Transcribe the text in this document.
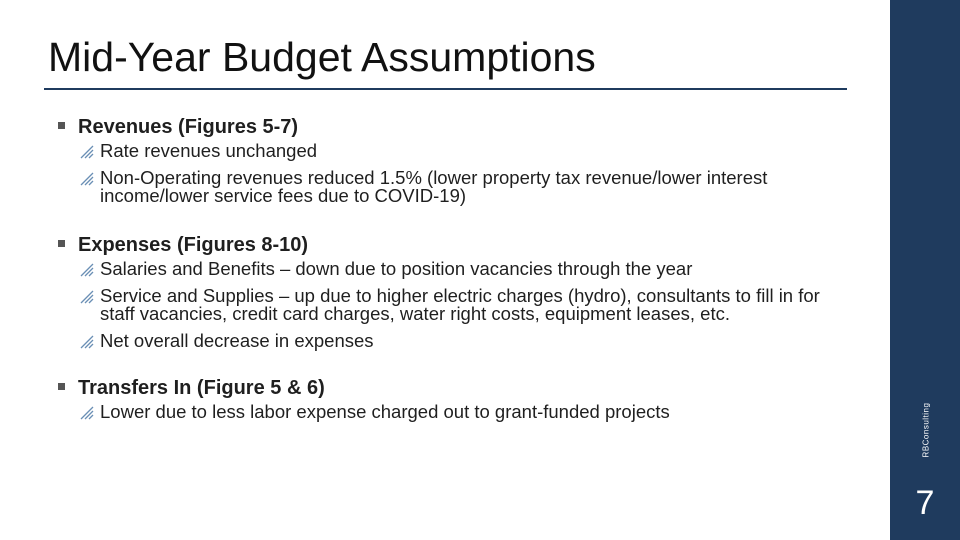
Mid-Year Budget Assumptions
Revenues (Figures 5-7)
Rate revenues unchanged
Non-Operating revenues reduced 1.5% (lower property tax revenue/lower interest income/lower service fees due to COVID-19)
Expenses (Figures 8-10)
Salaries and Benefits – down due to position vacancies through the year
Service and Supplies – up due to higher electric charges (hydro), consultants to fill in for staff vacancies, credit card charges, water right costs, equipment leases, etc.
Net overall decrease in expenses
Transfers In (Figure 5 & 6)
Lower due to less labor expense charged out to grant-funded projects	RBConsulting
7
